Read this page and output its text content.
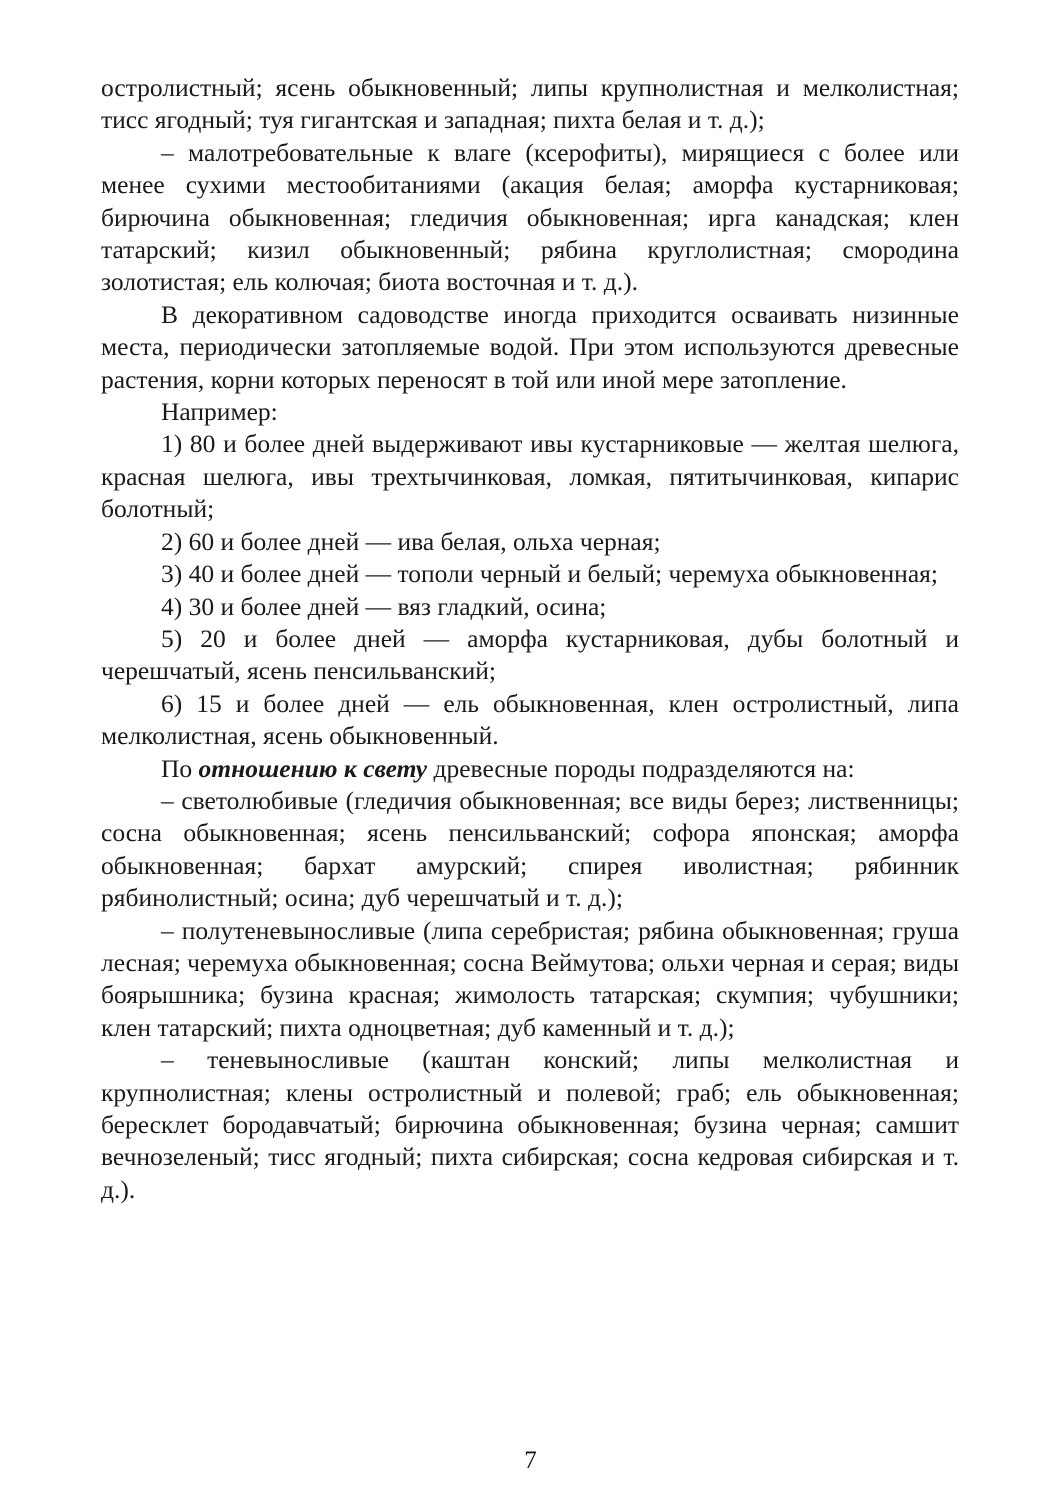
остролистный; ясень обыкновенный; липы крупнолистная и мелколистная; тисс ягодный; туя гигантская и западная; пихта белая и т. д.);

– малотребовательные к влаге (ксерофиты), мирящиеся с более или менее сухими местообитаниями (акация белая; аморфа кустарниковая; бирючина обыкновенная; гледичия обыкновенная; ирга канадская; клен татарский; кизил обыкновенный; рябина круглолистная; смородина золотистая; ель колючая; биота восточная и т. д.).

В декоративном садоводстве иногда приходится осваивать низинные места, периодически затопляемые водой. При этом используются древесные растения, корни которых переносят в той или иной мере затопление.

Например:

1) 80 и более дней выдерживают ивы кустарниковые — желтая шелюга, красная шелюга, ивы трехтычинковая, ломкая, пятитычинковая, кипарис болотный;

2) 60 и более дней — ива белая, ольха черная;

3) 40 и более дней — тополи черный и белый; черемуха обыкновенная;

4) 30 и более дней — вяз гладкий, осина;

5) 20 и более дней — аморфа кустарниковая, дубы болотный и черешчатый, ясень пенсильванский;

6) 15 и более дней — ель обыкновенная, клен остролистный, липа мелколистная, ясень обыкновенный.

По отношению к свету древесные породы подразделяются на:

– светолюбивые (гледичия обыкновенная; все виды берез; лиственницы; сосна обыкновенная; ясень пенсильванский; софора японская; аморфа обыкновенная; бархат амурский; спирея иволистная; рябинник рябинолистный; осина; дуб черешчатый и т. д.);

– полутеневыносливые (липа серебристая; рябина обыкновенная; груша лесная; черемуха обыкновенная; сосна Веймутова; ольхи черная и серая; виды боярышника; бузина красная; жимолость татарская; скумпия; чубушники; клен татарский; пихта одноцветная; дуб каменный и т. д.);

– теневыносливые (каштан конский; липы мелколистная и крупнолистная; клены остролистный и полевой; граб; ель обыкновенная; бересклет бородавчатый; бирючина обыкновенная; бузина черная; самшит вечнозеленый; тисс ягодный; пихта сибирская; сосна кедровая сибирская и т. д.).

7
